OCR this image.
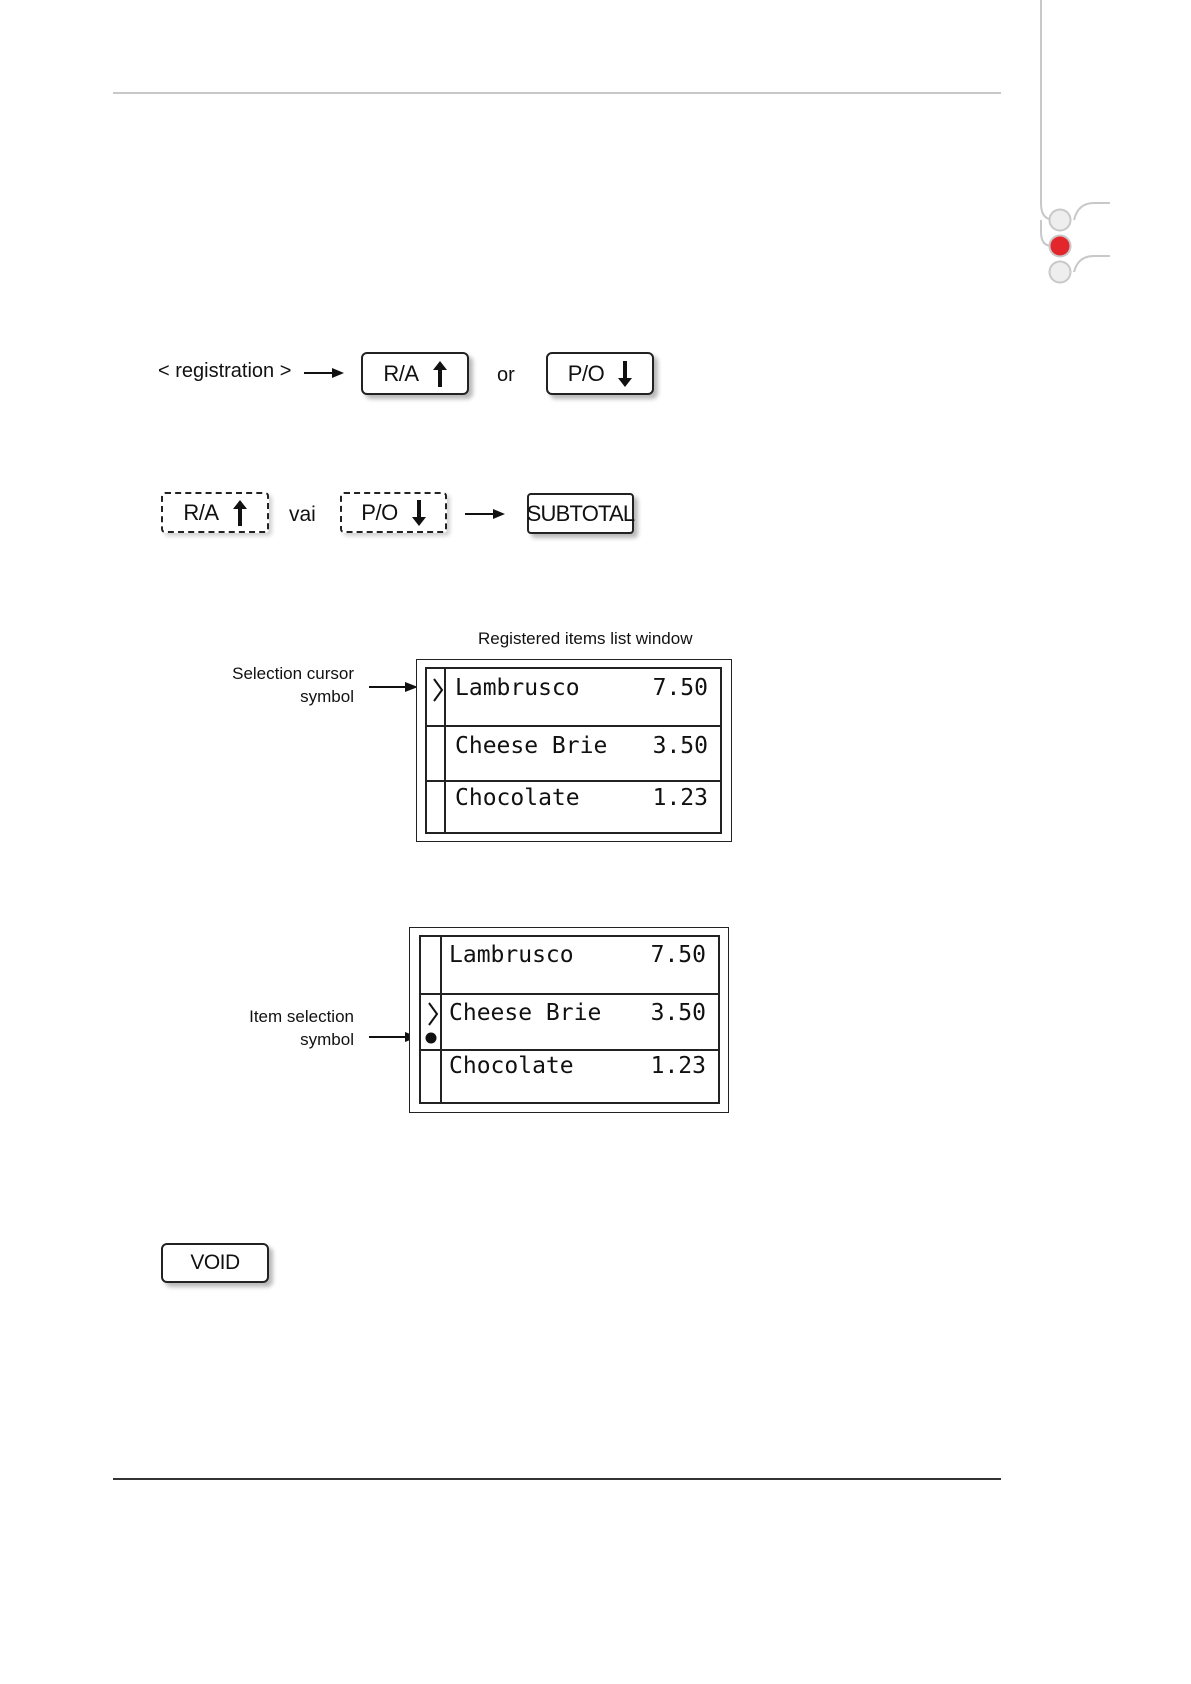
< registration >	R/A	or P/O
R/A	vai P/O	SUBTOTAL
Registered items list window
Selection cursor
symbol	Lambrusco	7.50
Cheese Brie 3.50
Chocolate	1.23
Item selection
symbol
Lambrusco	7.50
Cheese Brie 3.50
Chocolate	1.23
VOID
